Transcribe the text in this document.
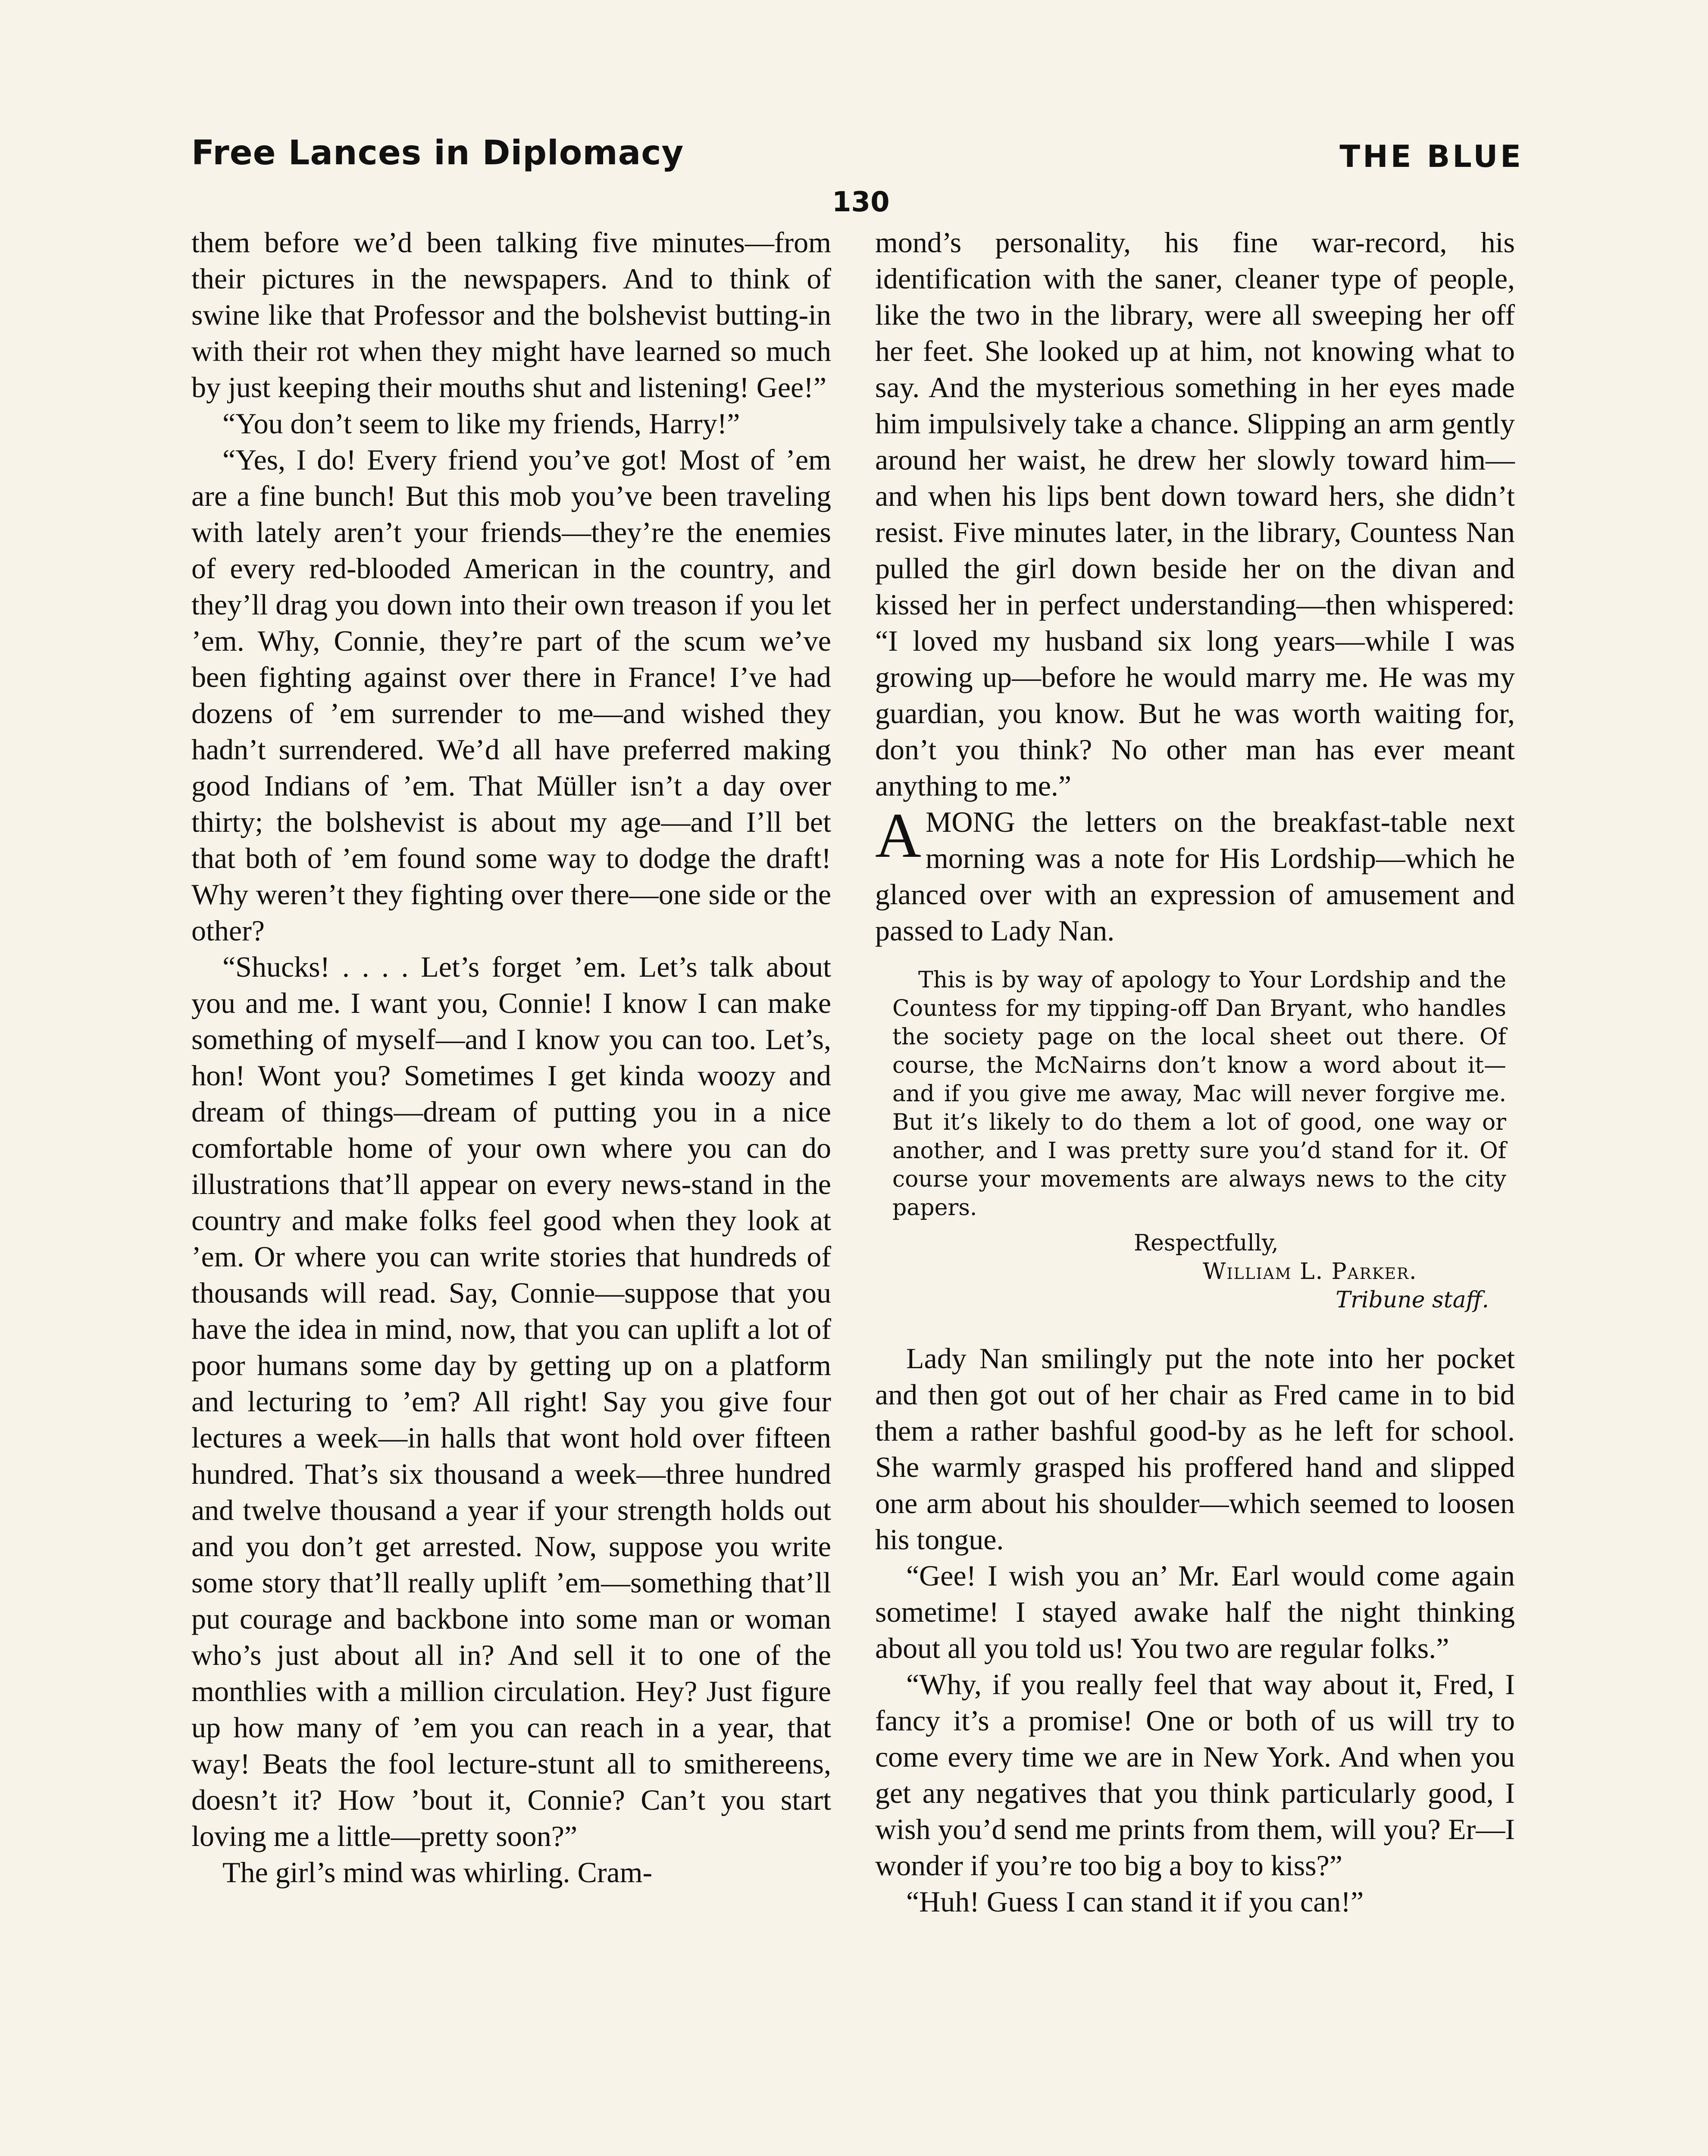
Free Lances in Diplomacy	THE BLUE
130

them before we’d been talking five minutes—from their pictures in the newspapers. And to think of swine like that Professor and the bolshevist butting-in with their rot when they might have learned so much by just keeping their mouths shut and listening! Gee!”

“You don’t seem to like my friends, Harry!”

“Yes, I do! Every friend you’ve got! Most of ’em are a fine bunch! But this mob you’ve been traveling with lately aren’t your friends—they’re the enemies of every red-blooded American in the country, and they’ll drag you down into their own treason if you let ’em. Why, Connie, they’re part of the scum we’ve been fighting against over there in France! I’ve had dozens of ’em surrender to me—and wished they hadn’t surrendered. We’d all have preferred making good Indians of ’em. That Müller isn’t a day over thirty; the bolshevist is about my age—and I’ll bet that both of ’em found some way to dodge the draft! Why weren’t they fighting over there—one side or the other?

“Shucks! . . . . Let’s forget ’em. Let’s talk about you and me. I want you, Connie! I know I can make something of myself—and I know you can too. Let’s, hon! Wont you? Sometimes I get kinda woozy and dream of things—dream of putting you in a nice comfortable home of your own where you can do illustrations that’ll appear on every news-stand in the country and make folks feel good when they look at ’em. Or where you can write stories that hundreds of thousands will read. Say, Connie—suppose that you have the idea in mind, now, that you can uplift a lot of poor humans some day by getting up on a platform and lecturing to ’em? All right! Say you give four lectures a week—in halls that wont hold over fifteen hundred. That’s six thousand a week—three hundred and twelve thousand a year if your strength holds out and you don’t get arrested. Now, suppose you write some story that’ll really uplift ’em—something that’ll put courage and backbone into some man or woman who’s just about all in? And sell it to one of the monthlies with a million circulation. Hey? Just figure up how many of ’em you can reach in a year, that way! Beats the fool lecture-stunt all to smithereens, doesn’t it? How ’bout it, Connie? Can’t you start loving me a little—pretty soon?”

The girl’s mind was whirling. Cram-

mond’s personality, his fine war-record, his identification with the saner, cleaner type of people, like the two in the library, were all sweeping her off her feet. She looked up at him, not knowing what to say. And the mysterious something in her eyes made him impulsively take a chance. Slipping an arm gently around her waist, he drew her slowly toward him—and when his lips bent down toward hers, she didn’t resist. Five minutes later, in the library, Countess Nan pulled the girl down beside her on the divan and kissed her in perfect understanding—then whispered: “I loved my husband six long years—while I was growing up—before he would marry me. He was my guardian, you know. But he was worth waiting for, don’t you think? No other man has ever meant anything to me.”

AMONG the letters on the breakfast-table next morning was a note for His Lordship—which he glanced over with an expression of amusement and passed to Lady Nan.

This is by way of apology to Your Lordship and the Countess for my tipping-off Dan Bryant, who handles the society page on the local sheet out there. Of course, the McNairns don’t know a word about it—and if you give me away, Mac will never forgive me. But it’s likely to do them a lot of good, one way or another, and I was pretty sure you’d stand for it. Of course your movements are always news to the city papers.

Respectfully,
William L. Parker.
Tribune staff.

Lady Nan smilingly put the note into her pocket and then got out of her chair as Fred came in to bid them a rather bashful good-by as he left for school. She warmly grasped his proffered hand and slipped one arm about his shoulder—which seemed to loosen his tongue.

“Gee! I wish you an’ Mr. Earl would come again sometime! I stayed awake half the night thinking about all you told us! You two are regular folks.”

“Why, if you really feel that way about it, Fred, I fancy it’s a promise! One or both of us will try to come every time we are in New York. And when you get any negatives that you think particularly good, I wish you’d send me prints from them, will you? Er—I wonder if you’re too big a boy to kiss?”

“Huh! Guess I can stand it if you can!”
